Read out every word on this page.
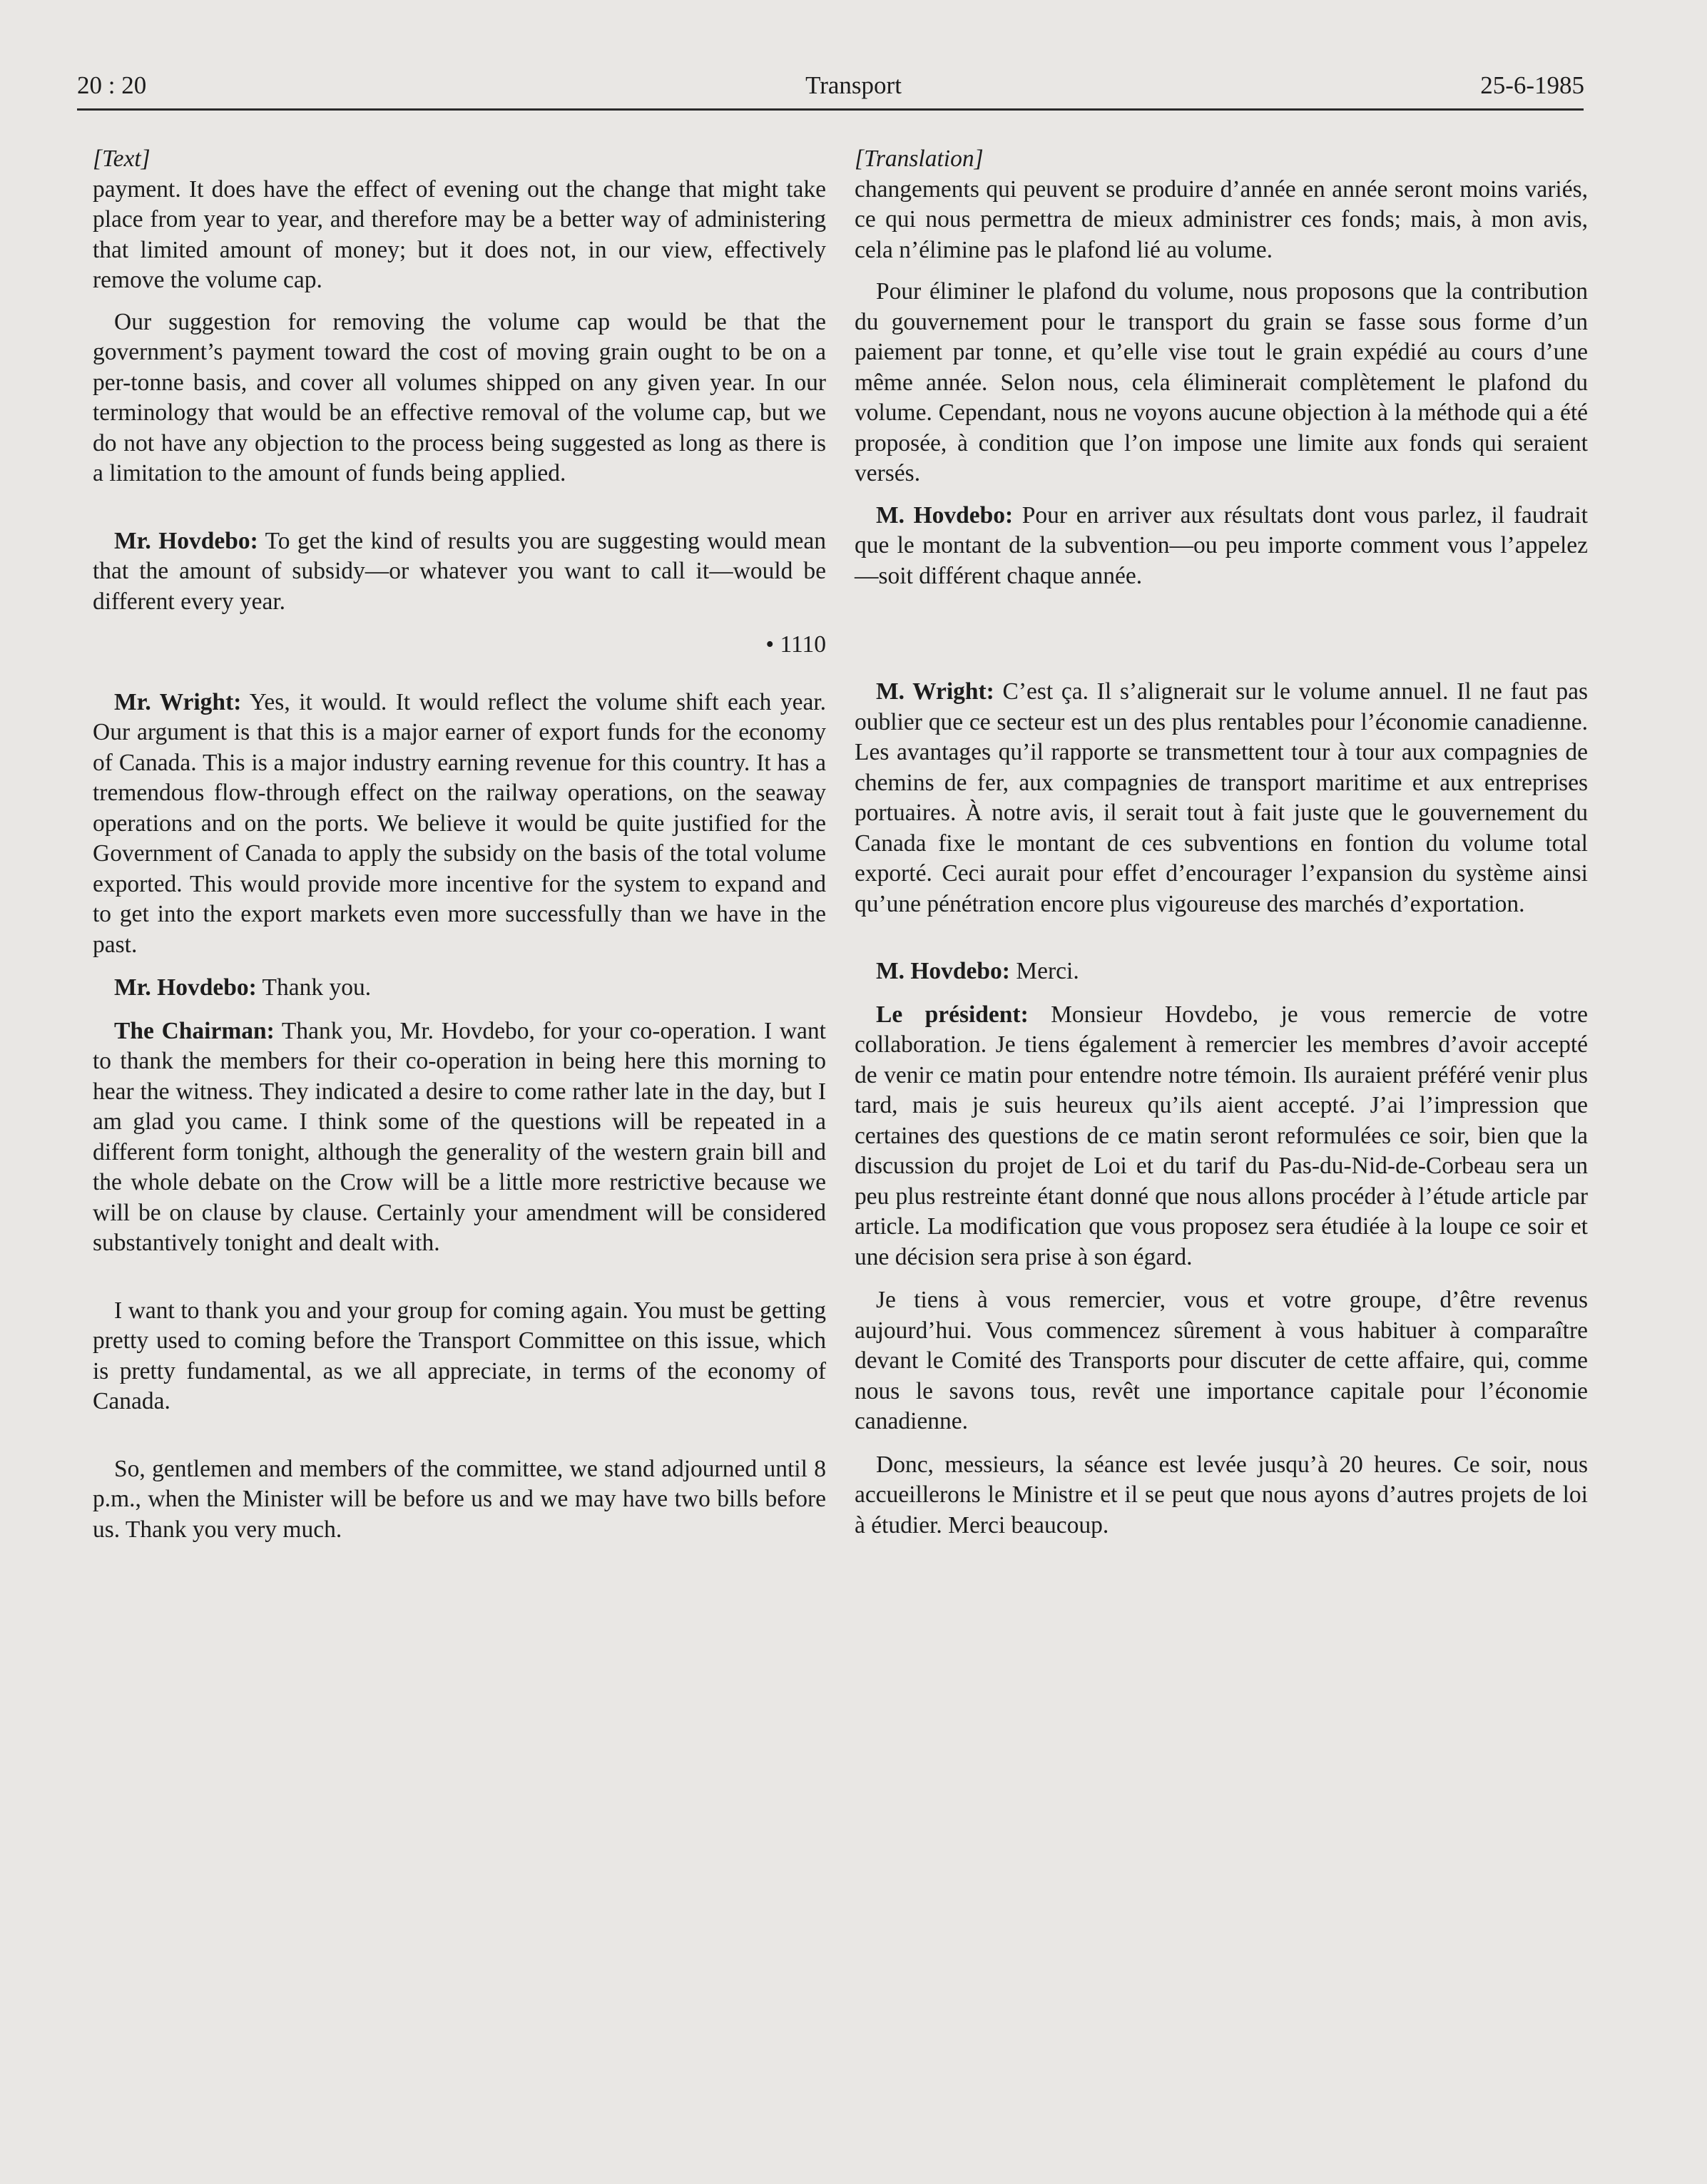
20 : 20	Transport	25-6-1985
[Text]

payment. It does have the effect of evening out the change that might take place from year to year, and therefore may be a better way of administering that limited amount of money; but it does not, in our view, effectively remove the volume cap.

Our suggestion for removing the volume cap would be that the government’s payment toward the cost of moving grain ought to be on a per-tonne basis, and cover all volumes shipped on any given year. In our terminology that would be an effective removal of the volume cap, but we do not have any objection to the process being suggested as long as there is a limitation to the amount of funds being applied.

Mr. Hovdebo: To get the kind of results you are suggesting would mean that the amount of subsidy—or whatever you want to call it—would be different every year.

• 1110

Mr. Wright: Yes, it would. It would reflect the volume shift each year. Our argument is that this is a major earner of export funds for the economy of Canada. This is a major industry earning revenue for this country. It has a tremendous flow-through effect on the railway operations, on the seaway operations and on the ports. We believe it would be quite justified for the Government of Canada to apply the subsidy on the basis of the total volume exported. This would provide more incentive for the system to expand and to get into the export markets even more successfully than we have in the past.

Mr. Hovdebo: Thank you.

The Chairman: Thank you, Mr. Hovdebo, for your co-operation. I want to thank the members for their co-operation in being here this morning to hear the witness. They indicated a desire to come rather late in the day, but I am glad you came. I think some of the questions will be repeated in a different form tonight, although the generality of the western grain bill and the whole debate on the Crow will be a little more restrictive because we will be on clause by clause. Certainly your amendment will be considered substantively tonight and dealt with.

I want to thank you and your group for coming again. You must be getting pretty used to coming before the Transport Committee on this issue, which is pretty fundamental, as we all appreciate, in terms of the economy of Canada.

So, gentlemen and members of the committee, we stand adjourned until 8 p.m., when the Minister will be before us and we may have two bills before us. Thank you very much.

[Translation]

changements qui peuvent se produire d’année en année seront moins variés, ce qui nous permettra de mieux administrer ces fonds; mais, à mon avis, cela n’élimine pas le plafond lié au volume.

Pour éliminer le plafond du volume, nous proposons que la contribution du gouvernement pour le transport du grain se fasse sous forme d’un paiement par tonne, et qu’elle vise tout le grain expédié au cours d’une même année. Selon nous, cela éliminerait complètement le plafond du volume. Cependant, nous ne voyons aucune objection à la méthode qui a été proposée, à condition que l’on impose une limite aux fonds qui seraient versés.

M. Hovdebo: Pour en arriver aux résultats dont vous parlez, il faudrait que le montant de la subvention—ou peu importe comment vous l’appelez—soit différent chaque année.

M. Wright: C’est ça. Il s’alignerait sur le volume annuel. Il ne faut pas oublier que ce secteur est un des plus rentables pour l’économie canadienne. Les avantages qu’il rapporte se transmettent tour à tour aux compagnies de chemins de fer, aux compagnies de transport maritime et aux entreprises portuaires. À notre avis, il serait tout à fait juste que le gouvernement du Canada fixe le montant de ces subventions en fontion du volume total exporté. Ceci aurait pour effet d’encourager l’expansion du système ainsi qu’une pénétration encore plus vigoureuse des marchés d’exportation.

M. Hovdebo: Merci.

Le président: Monsieur Hovdebo, je vous remercie de votre collaboration. Je tiens également à remercier les membres d’avoir accepté de venir ce matin pour entendre notre témoin. Ils auraient préféré venir plus tard, mais je suis heureux qu’ils aient accepté. J’ai l’impression que certaines des questions de ce matin seront reformulées ce soir, bien que la discussion du projet de Loi et du tarif du Pas-du-Nid-de-Corbeau sera un peu plus restreinte étant donné que nous allons procéder à l’étude article par article. La modification que vous proposez sera étudiée à la loupe ce soir et une décision sera prise à son égard.

Je tiens à vous remercier, vous et votre groupe, d’être revenus aujourd’hui. Vous commencez sûrement à vous habituer à comparaître devant le Comité des Transports pour discuter de cette affaire, qui, comme nous le savons tous, revêt une importance capitale pour l’économie canadienne.

Donc, messieurs, la séance est levée jusqu’à 20 heures. Ce soir, nous accueillerons le Ministre et il se peut que nous ayons d’autres projets de loi à étudier. Merci beaucoup.
